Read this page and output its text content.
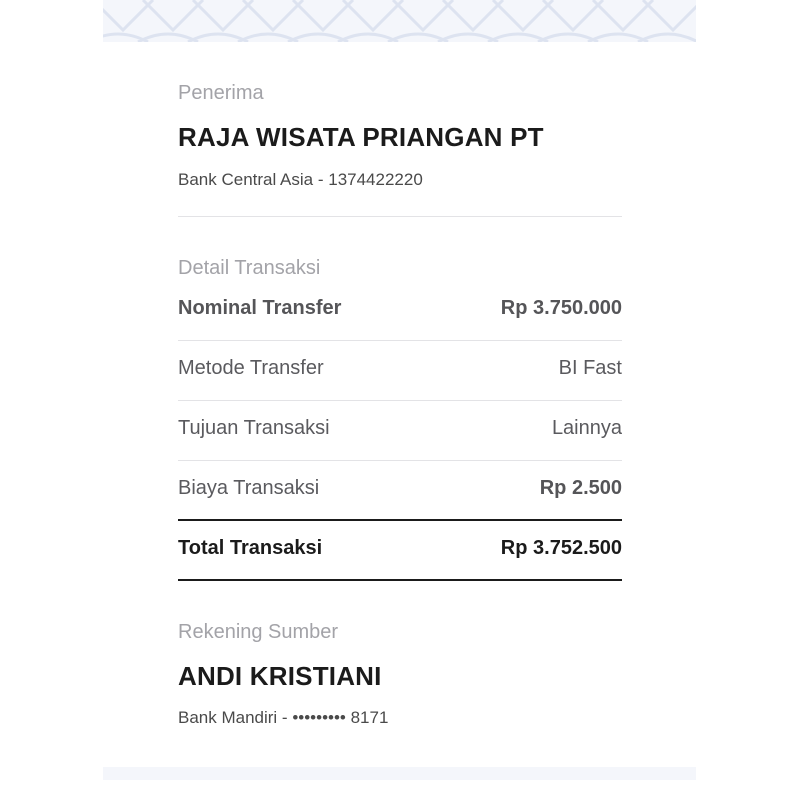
Penerima
RAJA WISATA PRIANGAN PT
Bank Central Asia - 1374422220
Detail Transaksi
Nominal Transfer	Rp 3.750.000
Metode Transfer	BI Fast
Tujuan Transaksi	Lainnya
Biaya Transaksi	Rp 2.500
Total Transaksi	Rp 3.752.500
Rekening Sumber
ANDI KRISTIANI
Bank Mandiri - ••••••••• 8171
